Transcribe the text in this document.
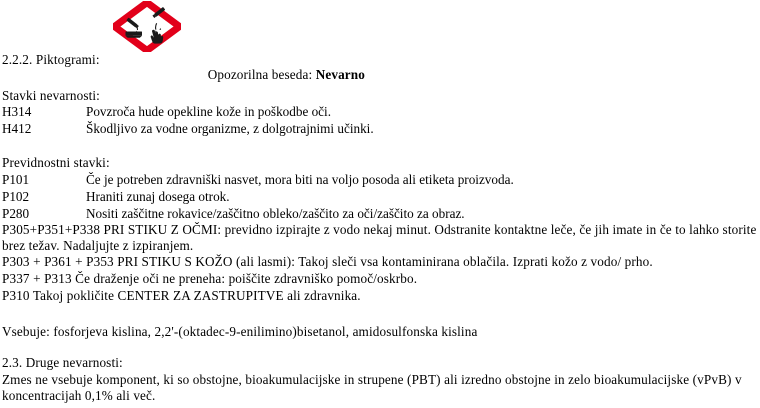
2.2.2. Piktogrami:

Opozorilna beseda: Nevarno

Stavki nevarnosti:
H314	Povzroča hude opekline kože in poškodbe oči.
H412	Škodljivo za vodne organizme, z dolgotrajnimi učinki.
Previdnostni stavki:
P101	Če je potreben zdravniški nasvet, mora biti na voljo posoda ali etiketa proizvoda.
P102	Hraniti zunaj dosega otrok.
P280	Nositi zaščitne rokavice/zaščitno obleko/zaščito za oči/zaščito za obraz.
P305+P351+P338 PRI STIKU Z OČMI: previdno izpirajte z vodo nekaj minut. Odstranite kontaktne leče, če jih imate in če to lahko storite brez težav. Nadaljujte z izpiranjem.
P303 + P361 + P353 PRI STIKU S KOŽO (ali lasmi): Takoj sleči vsa kontaminirana oblačila. Izprati kožo z vodo/ prho.
P337 + P313 Če draženje oči ne preneha: poiščite zdravniško pomoč/oskrbo.
P310 Takoj pokličite CENTER ZA ZASTRUPITVE ali zdravnika.
Vsebuje: fosforjeva kislina, 2,2'-(oktadec-9-enilimino)bisetanol, amidosulfonska kislina
2.3. Druge nevarnosti:
Zmes ne vsebuje komponent, ki so obstojne, bioakumulacijske in strupene (PBT) ali izredno obstojne in zelo bioakumulacijske (vPvB) v koncentracijah 0,1% ali več.
